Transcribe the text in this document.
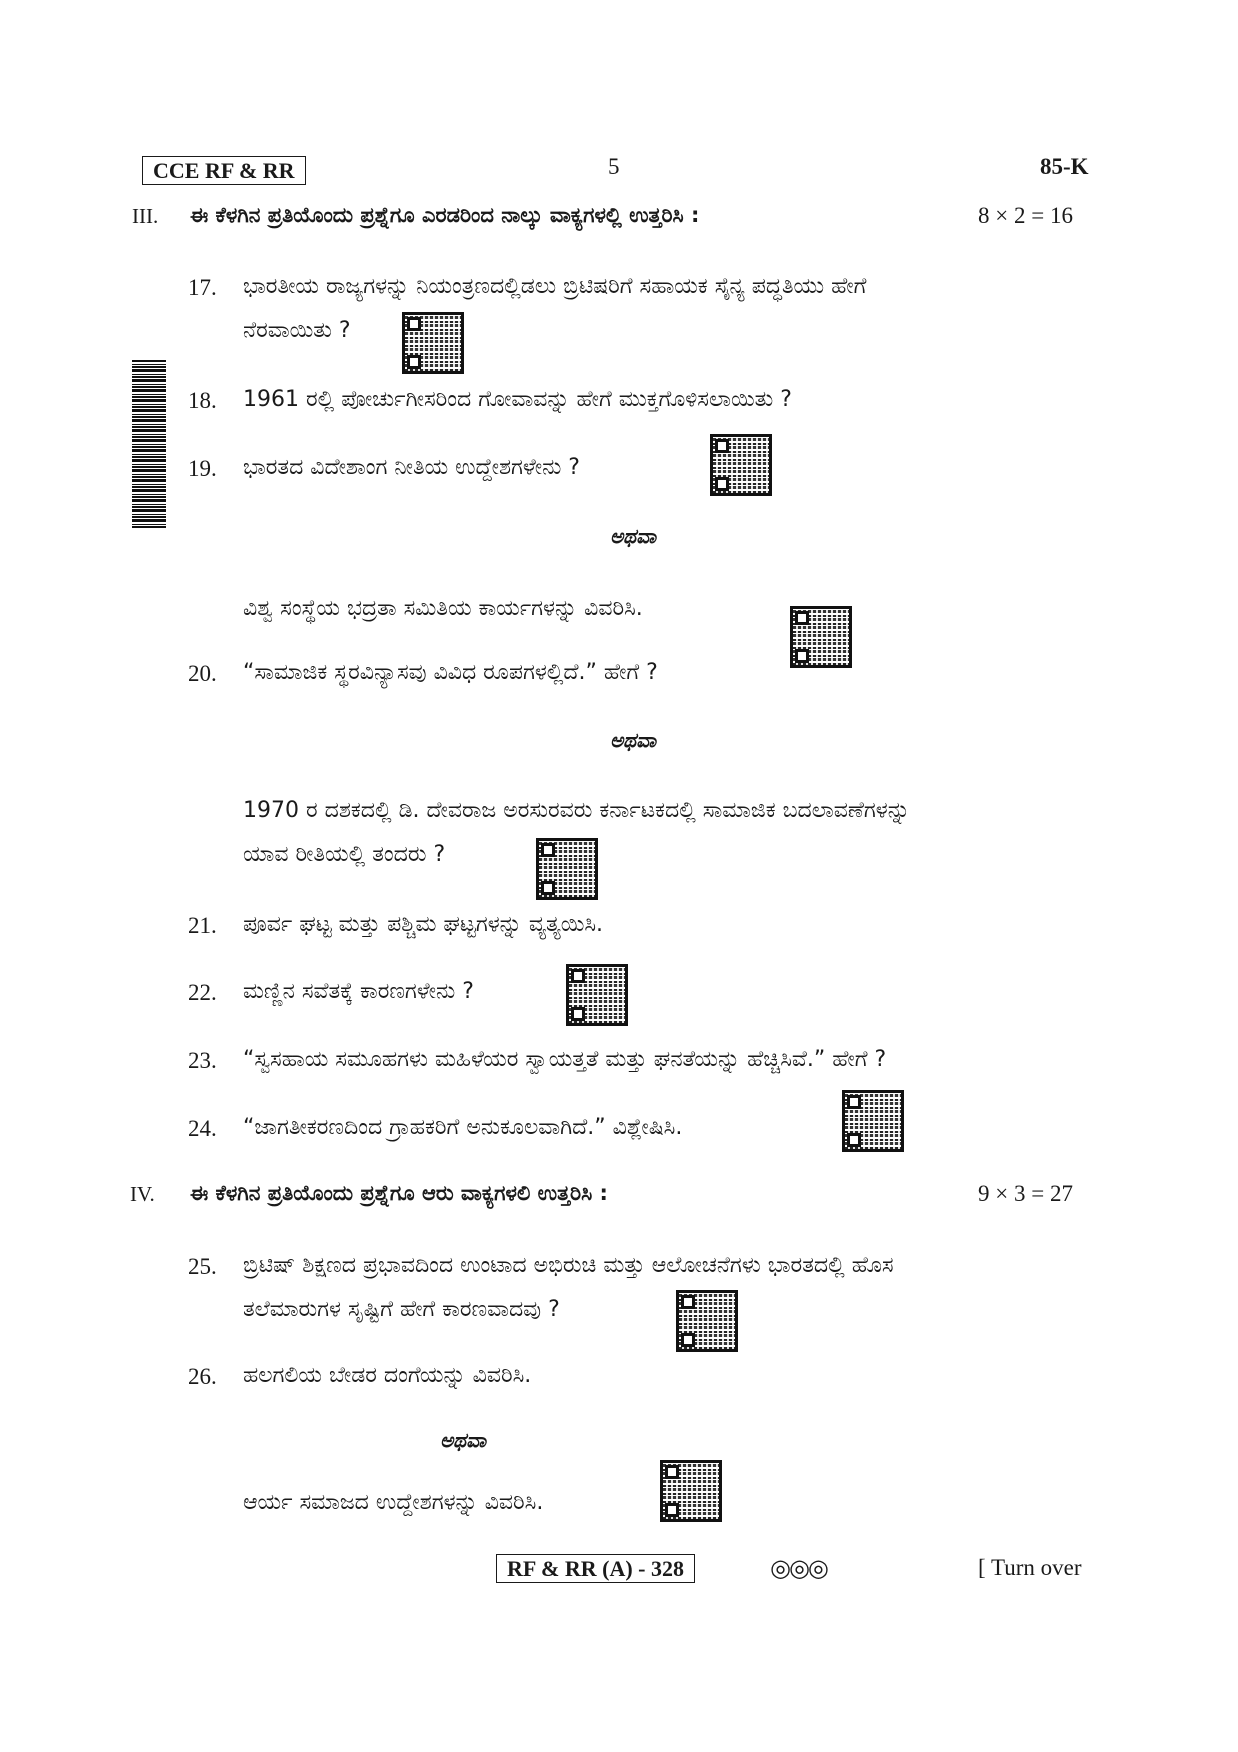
CCE RF & RR	5	85-K
III. ಈ ಕೆಳಗಿನ ಪ್ರತಿಯೊಂದು ಪ್ರಶ್ನೆಗೂ ಎರಡರಿಂದ ನಾಲ್ಕು ವಾಕ್ಯಗಳಲ್ಲಿ ಉತ್ತರಿಸಿ :	8 × 2 = 16
17. ಭಾರತೀಯ ರಾಜ್ಯಗಳನ್ನು ನಿಯಂತ್ರಣದಲ್ಲಿಡಲು ಬ್ರಿಟಿಷರಿಗೆ ಸಹಾಯಕ ಸೈನ್ಯ ಪದ್ಧತಿಯು ಹೇಗೆ
ನೆರವಾಯಿತು ?
18. 1961 ರಲ್ಲಿ ಪೋರ್ಚುಗೀಸರಿಂದ ಗೋವಾವನ್ನು ಹೇಗೆ ಮುಕ್ತಗೊಳಿಸಲಾಯಿತು ?
19. ಭಾರತದ ವಿದೇಶಾಂಗ ನೀತಿಯ ಉದ್ದೇಶಗಳೇನು ?
ಅಥವಾ
ವಿಶ್ವ ಸಂಸ್ಥೆಯ ಭದ್ರತಾ ಸಮಿತಿಯ ಕಾರ್ಯಗಳನ್ನು ವಿವರಿಸಿ.
20. “ಸಾಮಾಜಿಕ ಸ್ಥರವಿನ್ಯಾಸವು ವಿವಿಧ ರೂಪಗಳಲ್ಲಿದೆ.” ಹೇಗೆ ?
ಅಥವಾ
1970 ರ ದಶಕದಲ್ಲಿ ಡಿ. ದೇವರಾಜ ಅರಸುರವರು ಕರ್ನಾಟಕದಲ್ಲಿ ಸಾಮಾಜಿಕ ಬದಲಾವಣೆಗಳನ್ನು
ಯಾವ ರೀತಿಯಲ್ಲಿ ತಂದರು ?
21. ಪೂರ್ವ ಘಟ್ಟ ಮತ್ತು ಪಶ್ಚಿಮ ಘಟ್ಟಗಳನ್ನು ವ್ಯತ್ಯಯಿಸಿ.
22. ಮಣ್ಣಿನ ಸವೆತಕ್ಕೆ ಕಾರಣಗಳೇನು ?
23. “ಸ್ವಸಹಾಯ ಸಮೂಹಗಳು ಮಹಿಳೆಯರ ಸ್ವಾಯತ್ತತೆ ಮತ್ತು ಘನತೆಯನ್ನು ಹೆಚ್ಚಿಸಿವೆ.” ಹೇಗೆ ?
24. “ಜಾಗತೀಕರಣದಿಂದ ಗ್ರಾಹಕರಿಗೆ ಅನುಕೂಲವಾಗಿದೆ.” ವಿಶ್ಲೇಷಿಸಿ.
IV. ಈ ಕೆಳಗಿನ ಪ್ರತಿಯೊಂದು ಪ್ರಶ್ನೆಗೂ ಆರು ವಾಕ್ಯಗಳಲಿ ಉತ್ತರಿಸಿ :	9 × 3 = 27
25. ಬ್ರಿಟಿಷ್ ಶಿಕ್ಷಣದ ಪ್ರಭಾವದಿಂದ ಉಂಟಾದ ಅಭಿರುಚಿ ಮತ್ತು ಆಲೋಚನೆಗಳು ಭಾರತದಲ್ಲಿ ಹೊಸ
ತಲೆಮಾರುಗಳ ಸೃಷ್ಟಿಗೆ ಹೇಗೆ ಕಾರಣವಾದವು ?
26. ಹಲಗಲಿಯ ಬೇಡರ ದಂಗೆಯನ್ನು ವಿವರಿಸಿ.
ಅಥವಾ
ಆರ್ಯ ಸಮಾಜದ ಉದ್ದೇಶಗಳನ್ನು ವಿವರಿಸಿ.
RF & RR (A) - 328	◎◎◎	[ Turn over
